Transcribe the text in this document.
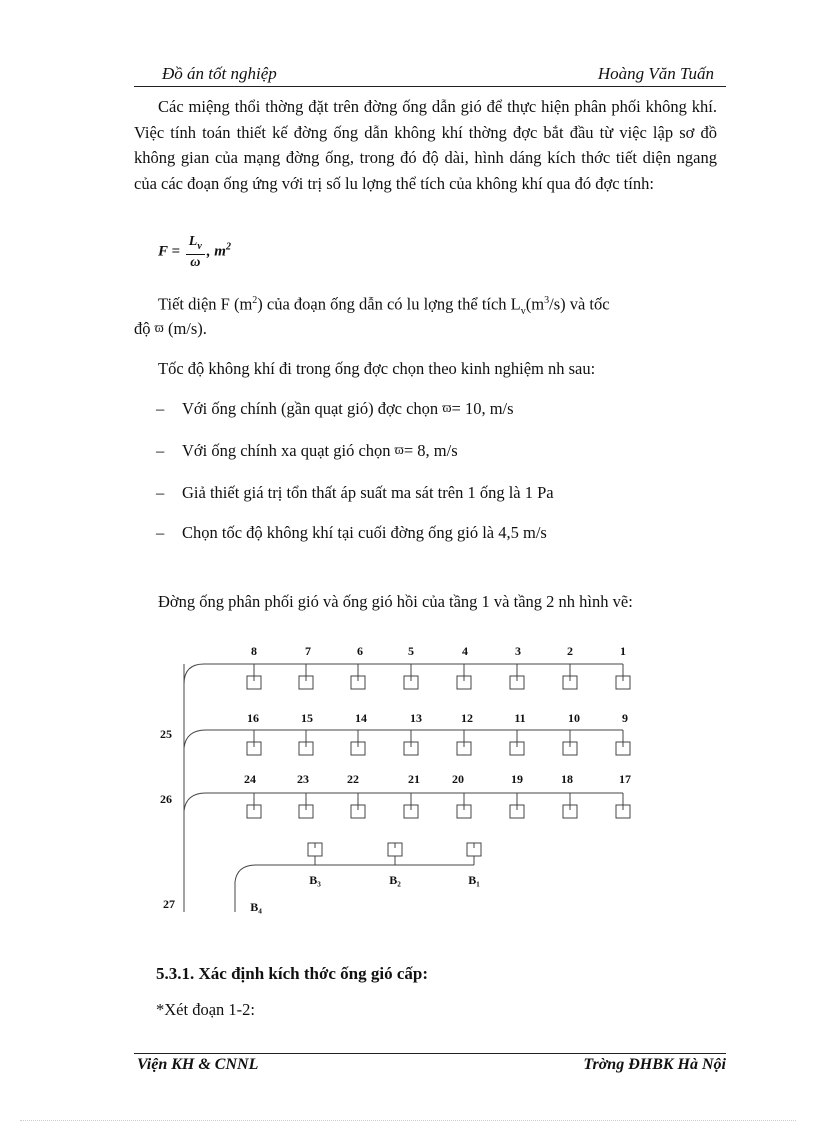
Đồ án tốt nghiệp	Hoàng Văn Tuấn

Các miệng thổi thờng đặt trên đờng ống dẫn gió để thực hiện phân phối không khí. Việc tính toán thiết kế đờng ống dẫn không khí thờng đợc bắt đầu từ việc lập sơ đồ không gian của mạng đờng ống, trong đó độ dài, hình dáng kích thớc tiết diện ngang của các đoạn ống ứng với trị số lu lợng thể tích của không khí qua đó đợc tính:

$F = \frac{L_v}{\omega}$ , $m^2$
Tiết diện F $(m^2)$ của đoạn ống dẫn có lu lợng thể tích $L_v(m^3/s)$ và tốc
độ ϖ (m/s).
Tốc độ không khí đi trong ống đợc chọn theo kinh nghiệm nh sau:
– Với ống chính (gần quạt gió) đợc chọn ϖ= 10, m/s
– Với ống chính xa quạt gió chọn ϖ= 8, m/s
– Giả thiết giá trị tổn thất áp suất ma sát trên 1 ống là 1 Pa
– Chọn tốc độ không khí tại cuối đờng ống gió là 4,5 m/s

Đờng ống phân phối gió và ống gió hồi của tầng 1 và tầng 2 nh hình vẽ:

8	7	6	5	4	3	2	1
16	15	14	13	12	11	10	9
24	23	22	21	20	19	18	17
B₃	B₂	B₁
25
26
27	B₄
5.3.1. Xác định kích thớc ống gió cấp:
*Xét đoạn 1-2:
Viện KH & CNNL	Trờng ĐHBK Hà Nội
